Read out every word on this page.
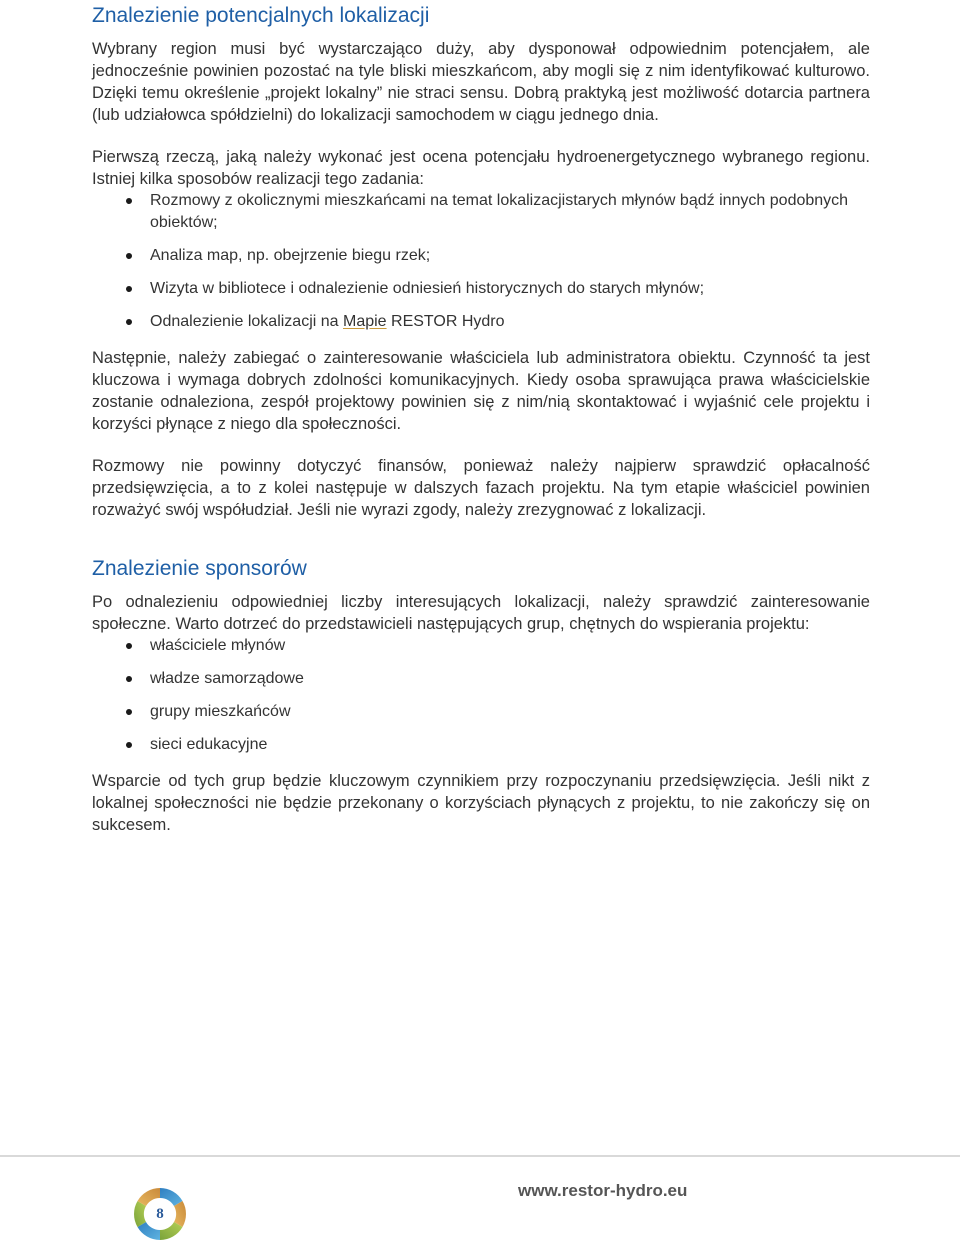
Znalezienie potencjalnych lokalizacji

Wybrany region musi być wystarczająco duży, aby dysponował odpowiednim potencjałem, ale jednocześnie powinien pozostać na tyle bliski mieszkańcom, aby mogli się z nim identyfikować kulturowo. Dzięki temu określenie „projekt lokalny” nie straci sensu. Dobrą praktyką jest możliwość dotarcia partnera (lub udziałowca spółdzielni) do lokalizacji samochodem w ciągu jednego dnia.

Pierwszą rzeczą, jaką należy wykonać jest ocena potencjału hydroenergetycznego wybranego regionu. Istniej kilka sposobów realizacji tego zadania:

Rozmowy z okolicznymi mieszkańcami na temat lokalizacjistarych młynów bądź innych podobnych obiektów;
Analiza map, np. obejrzenie biegu rzek;
Wizyta w bibliotece i odnalezienie odniesień historycznych do starych młynów;
Odnalezienie lokalizacji na Mapie RESTOR Hydro

Następnie, należy zabiegać o zainteresowanie właściciela lub administratora obiektu. Czynność ta jest kluczowa i wymaga dobrych zdolności komunikacyjnych. Kiedy osoba sprawująca prawa właścicielskie zostanie odnaleziona, zespół projektowy powinien się z nim/nią skontaktować i wyjaśnić cele projektu i korzyści płynące z niego dla społeczności.

Rozmowy nie powinny dotyczyć finansów, ponieważ należy najpierw sprawdzić opłacalność przedsięwzięcia, a to z kolei następuje w dalszych fazach projektu. Na tym etapie właściciel powinien rozważyć swój współudział. Jeśli nie wyrazi zgody, należy zrezygnować z lokalizacji.

Znalezienie sponsorów

Po odnalezieniu odpowiedniej liczby interesujących lokalizacji, należy sprawdzić zainteresowanie społeczne. Warto dotrzeć do przedstawicieli następujących grup, chętnych do wspierania projektu:

właściciele młynów
władze samorządowe
grupy mieszkańców
sieci edukacyjne

Wsparcie od tych grup będzie kluczowym czynnikiem przy rozpoczynaniu przedsięwzięcia. Jeśli nikt z lokalnej społeczności nie będzie przekonany o korzyściach płynących z projektu, to nie zakończy się on sukcesem.

8
www.restor-hydro.eu
